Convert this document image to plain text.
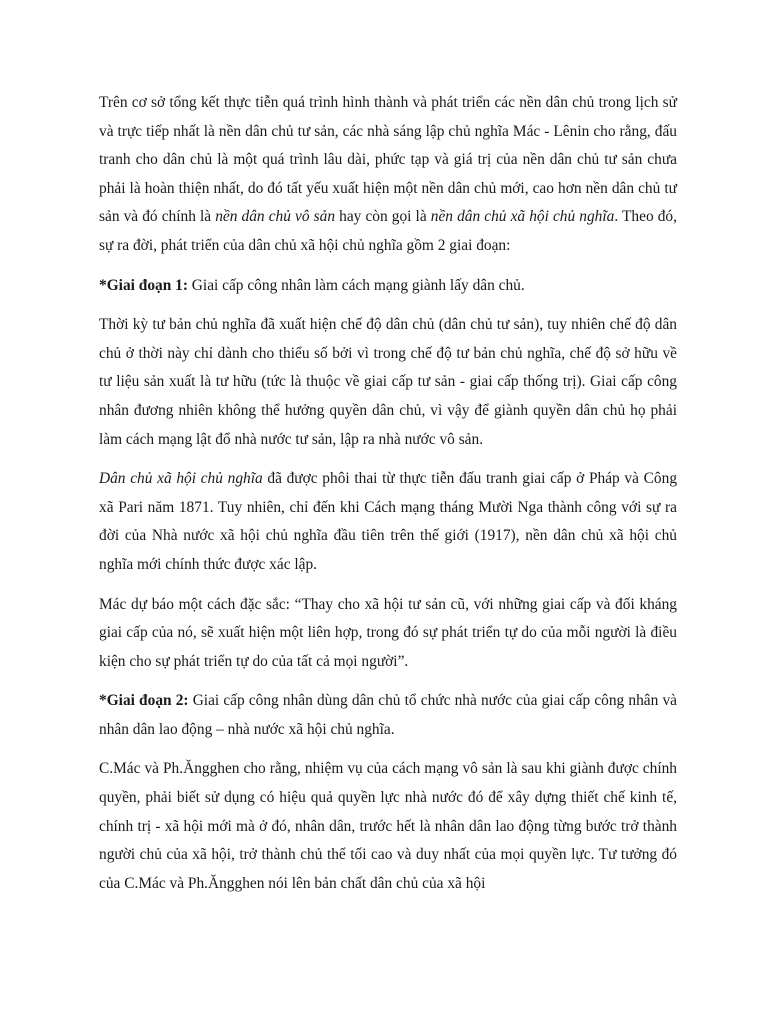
Trên cơ sở tổng kết thực tiễn quá trình hình thành và phát triển các nền dân chủ trong lịch sử và trực tiếp nhất là nền dân chủ tư sản, các nhà sáng lập chủ nghĩa Mác - Lênin cho rằng, đấu tranh cho dân chủ là một quá trình lâu dài, phức tạp và giá trị của nền dân chủ tư sản chưa phải là hoàn thiện nhất, do đó tất yếu xuất hiện một nền dân chủ mới, cao hơn nền dân chủ tư sản và đó chính là nền dân chủ vô sản hay còn gọi là nền dân chủ xã hội chủ nghĩa. Theo đó, sự ra đời, phát triển của dân chủ xã hội chủ nghĩa gồm 2 giai đoạn:

*Giai đoạn 1: Giai cấp công nhân làm cách mạng giành lấy dân chủ.

Thời kỳ tư bản chủ nghĩa đã xuất hiện chế độ dân chủ (dân chủ tư sản), tuy nhiên chế độ dân chủ ở thời này chỉ dành cho thiểu số bởi vì trong chế độ tư bản chủ nghĩa, chế độ sở hữu về tư liệu sản xuất là tư hữu (tức là thuộc về giai cấp tư sản - giai cấp thống trị). Giai cấp công nhân đương nhiên không thể hưởng quyền dân chủ, vì vậy để giành quyền dân chủ họ phải làm cách mạng lật đổ nhà nước tư sản, lập ra nhà nước vô sản.

Dân chủ xã hội chủ nghĩa đã được phôi thai từ thực tiễn đấu tranh giai cấp ở Pháp và Công xã Pari năm 1871. Tuy nhiên, chỉ đến khi Cách mạng tháng Mười Nga thành công với sự ra đời của Nhà nước xã hội chủ nghĩa đầu tiên trên thế giới (1917), nền dân chủ xã hội chủ nghĩa mới chính thức được xác lập.

Mác dự báo một cách đặc sắc: “Thay cho xã hội tư sản cũ, với những giai cấp và đối kháng giai cấp của nó, sẽ xuất hiện một liên hợp, trong đó sự phát triển tự do của mỗi người là điều kiện cho sự phát triển tự do của tất cả mọi người”.

*Giai đoạn 2: Giai cấp công nhân dùng dân chủ tổ chức nhà nước của giai cấp công nhân và nhân dân lao động – nhà nước xã hội chủ nghĩa.

C.Mác và Ph.Ăngghen cho rằng, nhiệm vụ của cách mạng vô sản là sau khi giành được chính quyền, phải biết sử dụng có hiệu quả quyền lực nhà nước đó để xây dựng thiết chế kinh tế, chính trị - xã hội mới mà ở đó, nhân dân, trước hết là nhân dân lao động từng bước trở thành người chủ của xã hội, trở thành chủ thể tối cao và duy nhất của mọi quyền lực. Tư tưởng đó của C.Mác và Ph.Ăngghen nói lên bản chất dân chủ của xã hội
